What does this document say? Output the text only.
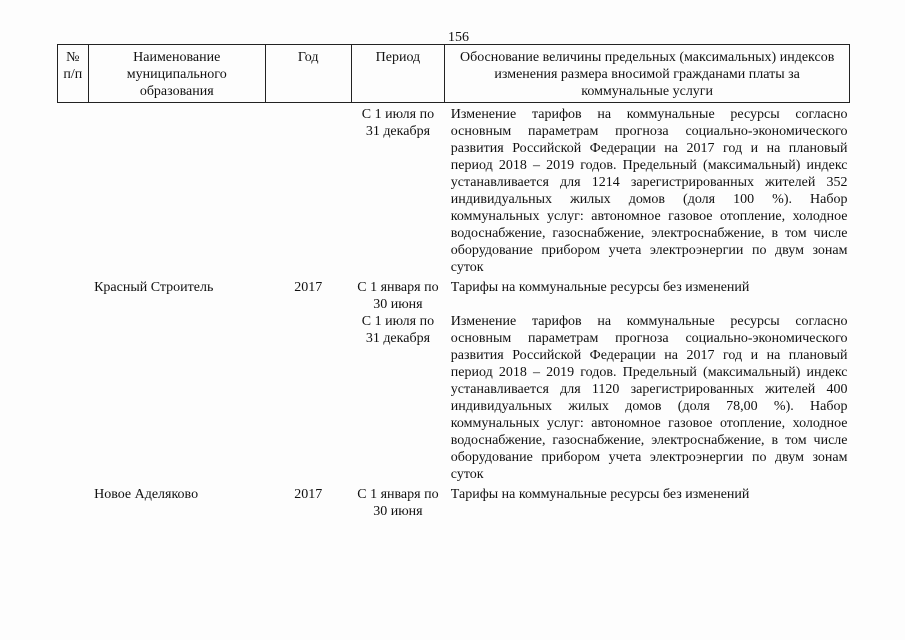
156
№ п/п	Наименование муниципального образования	Год	Период	Обоснование величины предельных (максимальных) индексов изменения размера вносимой гражданами платы за коммунальные услуги
			С 1 июля по 31 декабря	Изменение тарифов на коммунальные ресурсы согласно основным параметрам прогноза социально-экономического развития Российской Федерации на 2017 год и на плановый период 2018 – 2019 годов. Предельный (максимальный) индекс устанавливается для 1214 зарегистрированных жителей 352 индивидуальных жилых домов (доля 100 %). Набор коммунальных услуг: автономное газовое отопление, холодное водоснабжение, газоснабжение, электроснабжение, в том числе оборудование прибором учета электроэнергии по двум зонам суток
	Красный Строитель	2017	С 1 января по 30 июня	Тарифы на коммунальные ресурсы без изменений
			С 1 июля по 31 декабря	Изменение тарифов на коммунальные ресурсы согласно основным параметрам прогноза социально-экономического развития Российской Федерации на 2017 год и на плановый период 2018 – 2019 годов. Предельный (максимальный) индекс устанавливается для 1120 зарегистрированных жителей 400 индивидуальных жилых домов (доля 78,00 %). Набор коммунальных услуг: автономное газовое отопление, холодное водоснабжение, газоснабжение, электроснабжение, в том числе оборудование прибором учета электроэнергии по двум зонам суток
	Новое Аделяково	2017	С 1 января по 30 июня	Тарифы на коммунальные ресурсы без изменений
